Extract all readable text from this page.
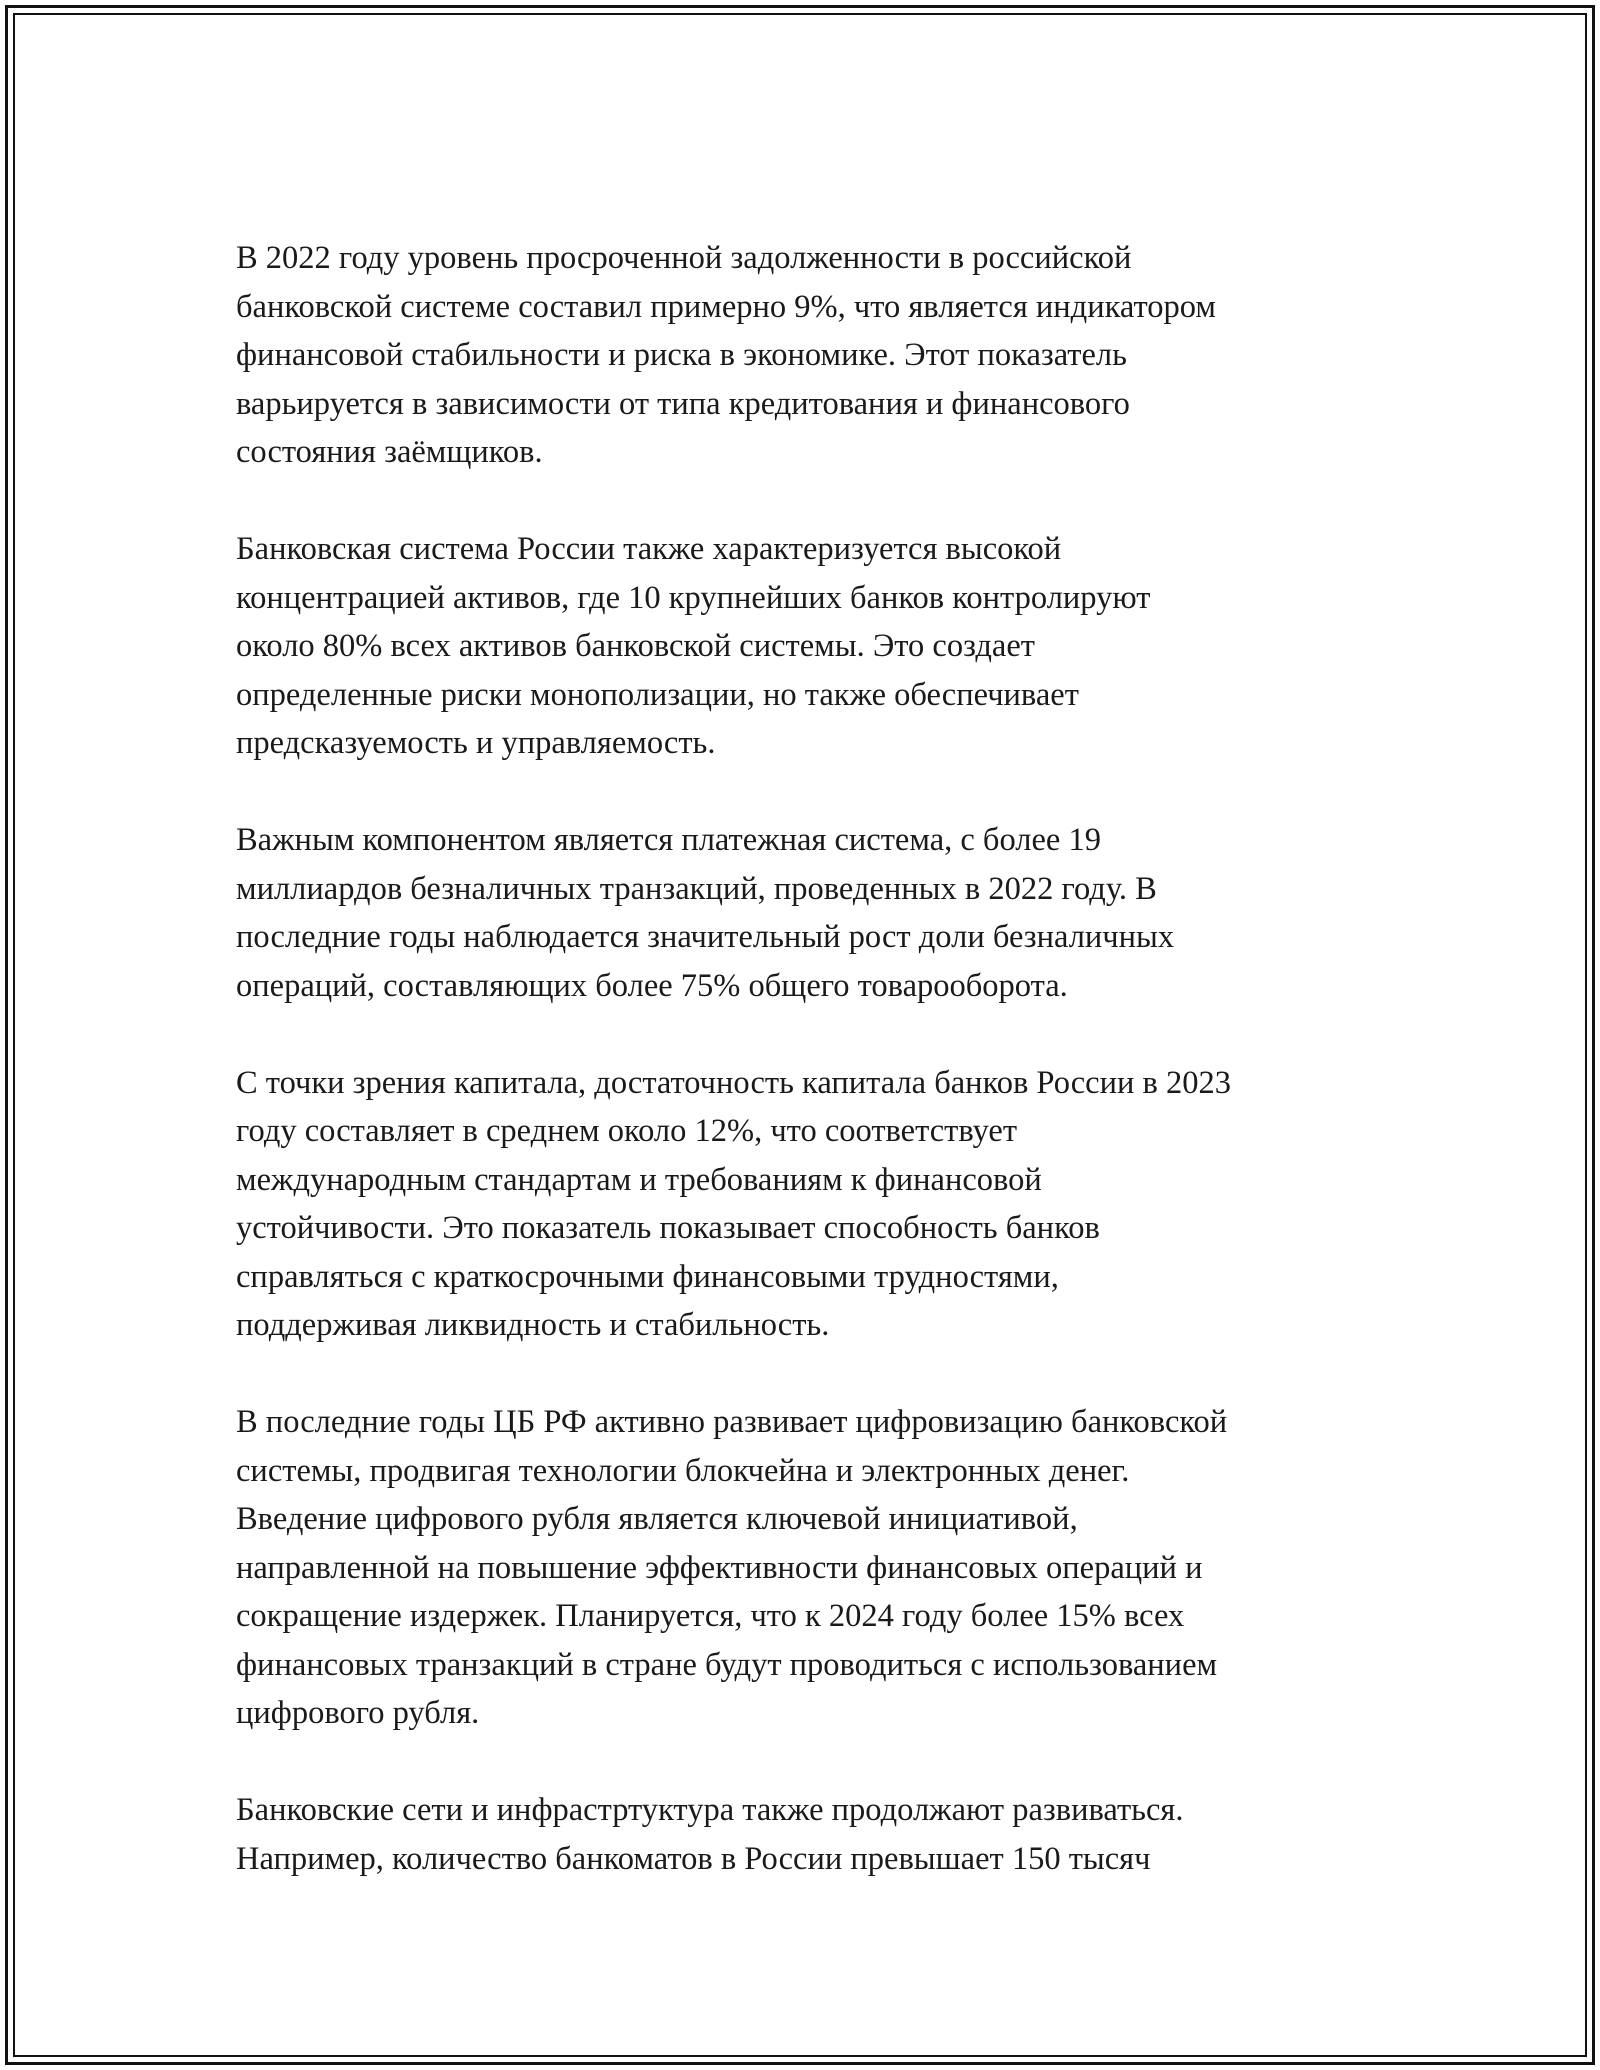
В 2022 году уровень просроченной задолженности в российской
банковской системе составил примерно 9%, что является индикатором
финансовой стабильности и риска в экономике. Этот показатель
варьируется в зависимости от типа кредитования и финансового
состояния заёмщиков.

Банковская система России также характеризуется высокой
концентрацией активов, где 10 крупнейших банков контролируют
около 80% всех активов банковской системы. Это создает
определенные риски монополизации, но также обеспечивает
предсказуемость и управляемость.

Важным компонентом является платежная система, с более 19
миллиардов безналичных транзакций, проведенных в 2022 году. В
последние годы наблюдается значительный рост доли безналичных
операций, составляющих более 75% общего товарооборота.

С точки зрения капитала, достаточность капитала банков России в 2023
году составляет в среднем около 12%, что соответствует
международным стандартам и требованиям к финансовой
устойчивости. Это показатель показывает способность банков
справляться с краткосрочными финансовыми трудностями,
поддерживая ликвидность и стабильность.

В последние годы ЦБ РФ активно развивает цифровизацию банковской
системы, продвигая технологии блокчейна и электронных денег.
Введение цифрового рубля является ключевой инициативой,
направленной на повышение эффективности финансовых операций и
сокращение издержек. Планируется, что к 2024 году более 15% всех
финансовых транзакций в стране будут проводиться с использованием
цифрового рубля.

Банковские сети и инфрастртуктура также продолжают развиваться.
Например, количество банкоматов в России превышает 150 тысяч
